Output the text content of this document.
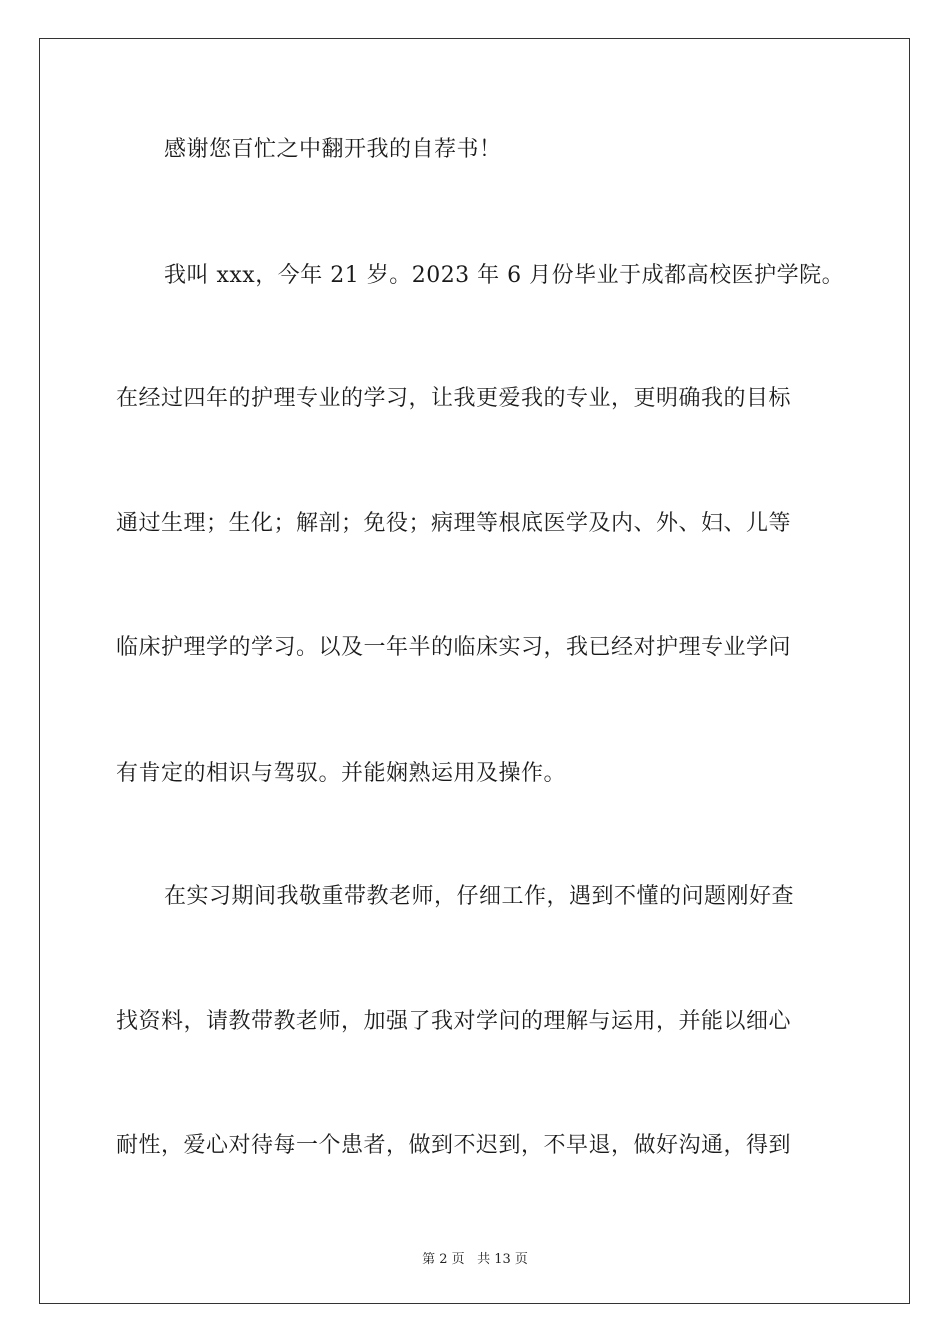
感谢您百忙之中翻开我的自荐书！
我叫 xxx，今年 21 岁。2023 年 6 月份毕业于成都高校医护学院。
在经过四年的护理专业的学习，让我更爱我的专业，更明确我的目标
通过生理；生化；解剖；免役；病理等根底医学及内、外、妇、儿等
临床护理学的学习。以及一年半的临床实习，我已经对护理专业学问
有肯定的相识与驾驭。并能娴熟运用及操作。
在实习期间我敬重带教老师，仔细工作，遇到不懂的问题刚好查
找资料，请教带教老师，加强了我对学问的理解与运用，并能以细心
耐性，爱心对待每一个患者，做到不迟到，不早退，做好沟通，得到
第 2 页 共 13 页
